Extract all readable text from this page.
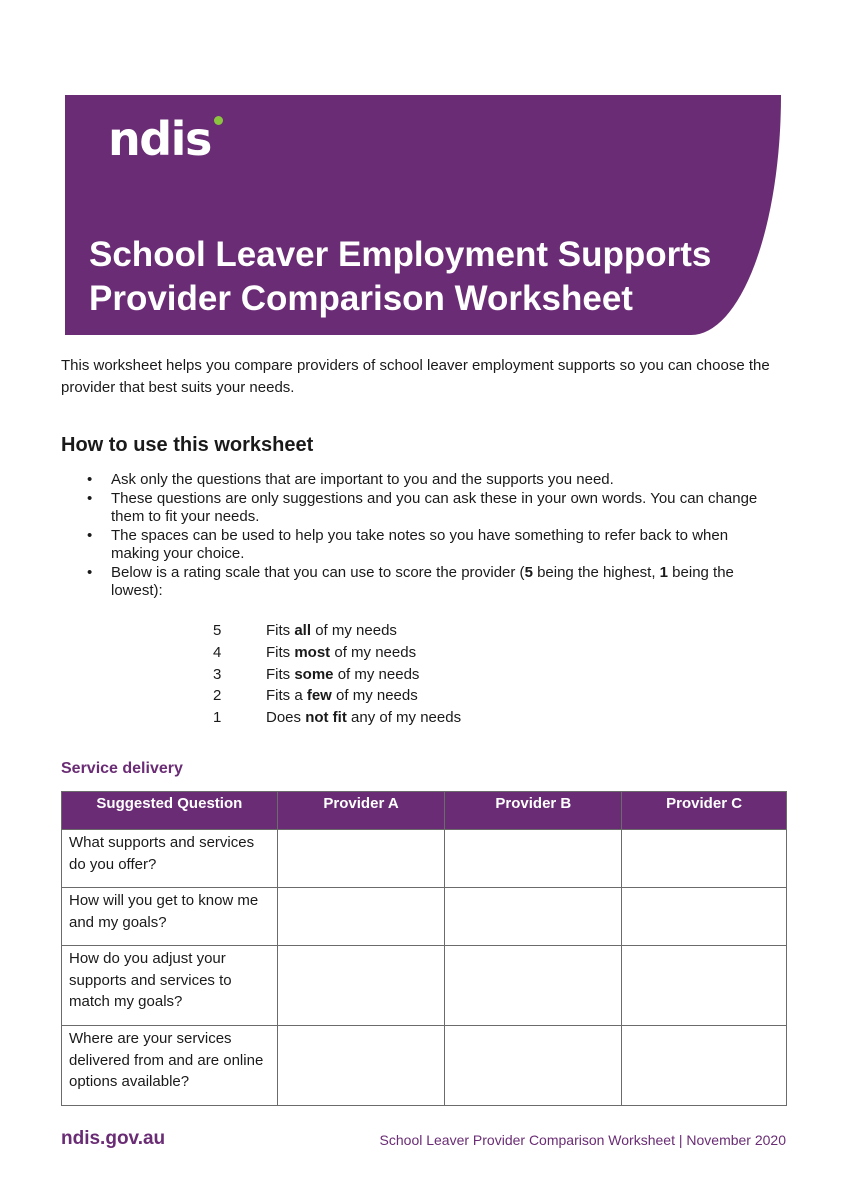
ndis
School Leaver Employment Supports
Provider Comparison Worksheet

This worksheet helps you compare providers of school leaver employment supports so you can choose the provider that best suits your needs.

How to use this worksheet
• Ask only the questions that are important to you and the supports you need.
• These questions are only suggestions and you can ask these in your own words. You can change them to fit your needs.
• The spaces can be used to help you take notes so you have something to refer back to when making your choice.
• Below is a rating scale that you can use to score the provider (5 being the highest, 1 being the lowest):
5	Fits all of my needs
4	Fits most of my needs
3	Fits some of my needs
2	Fits a few of my needs
1	Does not fit any of my needs
Service delivery
Suggested Question	Provider A	Provider B	Provider C
What supports and services do you offer?			
How will you get to know me and my goals?			
How do you adjust your supports and services to match my goals?			
Where are your services delivered from and are online options available?			
ndis.gov.au	School Leaver Provider Comparison Worksheet | November 2020
